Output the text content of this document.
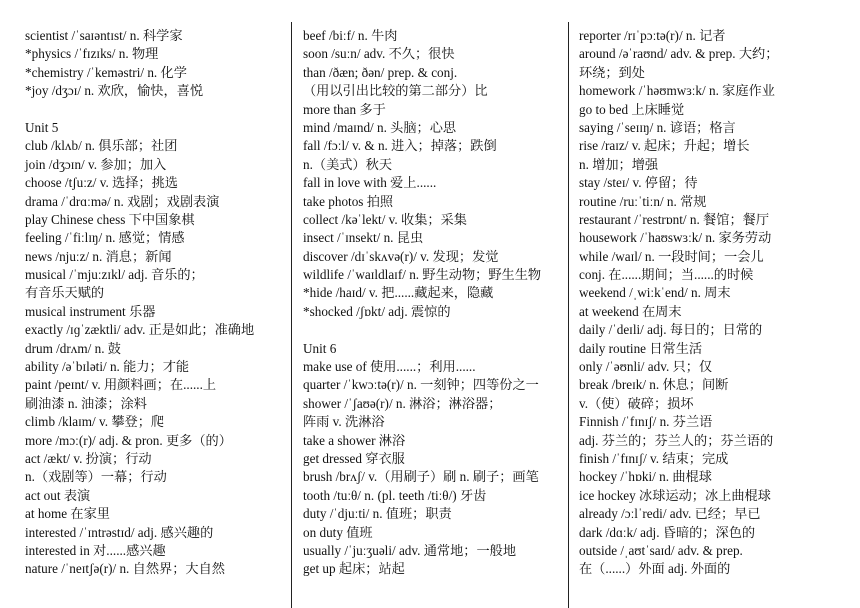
scientist /ˈsaɪəntɪst/ n. 科学家
*physics /ˈfɪzɪks/ n. 物理
*chemistry /ˈkeməstri/ n. 化学
*joy /dʒɔɪ/ n. 欢欣，愉快，喜悦
Unit 5
club /klʌb/ n. 俱乐部；社团
join /dʒɔɪn/ v. 参加；加入
choose /tʃuːz/ v. 选择；挑选
drama /ˈdrɑːmə/ n. 戏剧；戏剧表演
play Chinese chess 下中国象棋
feeling /ˈfiːlɪŋ/ n. 感觉；情感
news /njuːz/ n. 消息；新闻
musical /ˈmjuːzɪkl/ adj. 音乐的；
有音乐天赋的
musical instrument 乐器
exactly /ɪɡˈzæktli/ adv. 正是如此；准确地
drum /drʌm/ n. 鼓
ability /əˈbɪləti/ n. 能力；才能
paint /peɪnt/ v. 用颜料画；在......上
刷油漆 n. 油漆；涂料
climb /klaɪm/ v. 攀登；爬
more /mɔː(r)/ adj. & pron. 更多（的）
act /ækt/ v. 扮演；行动
n.（戏剧等）一幕；行动
act out 表演
at home 在家里
interested /ˈɪntrəstɪd/ adj. 感兴趣的
interested in 对......感兴趣
nature /ˈneɪtʃə(r)/ n. 自然界；大自然
beef /biːf/ n. 牛肉
soon /suːn/ adv. 不久；很快
than /ðæn; ðən/ prep. & conj.
（用以引出比较的第二部分）比
more than 多于
mind /maɪnd/ n. 头脑；心思
fall /fɔːl/ v. & n. 进入；掉落；跌倒
n.（美式）秋天
fall in love with 爱上......
take photos 拍照
collect /kəˈlekt/ v. 收集；采集
insect /ˈɪnsekt/ n. 昆虫
discover /dɪˈskʌvə(r)/ v. 发现；发觉
wildlife /ˈwaɪldlaɪf/ n. 野生动物；野生生物
*hide /haɪd/ v. 把......藏起来，隐藏
*shocked /ʃɒkt/ adj. 震惊的
Unit 6
make use of 使用......；利用......
quarter /ˈkwɔːtə(r)/ n. 一刻钟；四等份之一
shower /ˈʃaʊə(r)/ n. 淋浴；淋浴器；
阵雨 v. 洗淋浴
take a shower 淋浴
get dressed 穿衣服
brush /brʌʃ/ v.（用刷子）刷 n. 刷子；画笔
tooth /tuːθ/ n. (pl. teeth /tiːθ/) 牙齿
duty /ˈdjuːti/ n. 值班；职责
on duty 值班
usually /ˈjuːʒuəli/ adv. 通常地；一般地
get up 起床；站起
reporter /rɪˈpɔːtə(r)/ n. 记者
around /əˈraʊnd/ adv. & prep. 大约；
环绕；到处
homework /ˈhəʊmwɜːk/ n. 家庭作业
go to bed 上床睡觉
saying /ˈseɪɪŋ/ n. 谚语；格言
rise /raɪz/ v. 起床；升起；增长
n. 增加；增强
stay /steɪ/ v. 停留；待
routine /ruːˈtiːn/ n. 常规
restaurant /ˈrestrɒnt/ n. 餐馆；餐厅
housework /ˈhaʊswɜːk/ n. 家务劳动
while /waɪl/ n. 一段时间；一会儿
conj. 在......期间；当......的时候
weekend /ˌwiːkˈend/ n. 周末
at weekend 在周末
daily /ˈdeɪli/ adj. 每日的；日常的
daily routine 日常生活
only /ˈəʊnli/ adv. 只；仅
break /breɪk/ n. 休息；间断
v.（使）破碎；损坏
Finnish /ˈfɪnɪʃ/ n. 芬兰语
adj. 芬兰的；芬兰人的；芬兰语的
finish /ˈfɪnɪʃ/ v. 结束；完成
hockey /ˈhɒki/ n. 曲棍球
ice hockey 冰球运动；冰上曲棍球
already /ɔːlˈredi/ adv. 已经；早已
dark /dɑːk/ adj. 昏暗的；深色的
outside /ˌaʊtˈsaɪd/ adv. & prep.
在（......）外面 adj. 外面的
